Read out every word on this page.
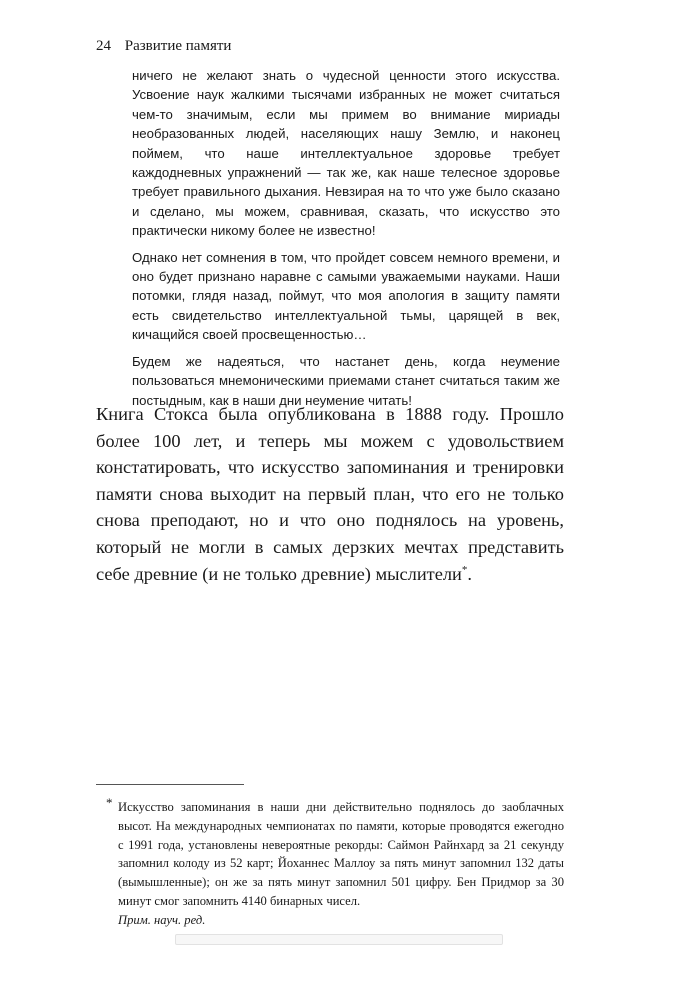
24 Развитие памяти

ничего не желают знать о чудесной ценности этого искусства. Усвоение наук жалкими тысячами избранных не может считаться чем-то значимым, если мы примем во внимание мириады необразованных людей, населяющих нашу Землю, и наконец поймем, что наше интеллектуальное здоровье требует каждодневных упражнений — так же, как наше телесное здоровье требует правильного дыхания. Невзирая на то что уже было сказано и сделано, мы можем, сравнивая, сказать, что искусство это практически никому более не известно!

Однако нет сомнения в том, что пройдет совсем немного времени, и оно будет признано наравне с самыми уважаемыми науками. Наши потомки, глядя назад, поймут, что моя апология в защиту памяти есть свидетельство интеллектуальной тьмы, царящей в век, кичащийся своей просвещенностью…

Будем же надеяться, что настанет день, когда неумение пользоваться мнемоническими приемами станет считаться таким же постыдным, как в наши дни неумение читать!

Книга Стокса была опубликована в 1888 году. Прошло более 100 лет, и теперь мы можем с удовольствием констатировать, что искусство запоминания и тренировки памяти снова выходит на первый план, что его не только снова преподают, но и что оно поднялось на уровень, который не могли в самых дерзких мечтах представить себе древние (и не только древние) мыслители*.

* Искусство запоминания в наши дни действительно поднялось до заоблачных высот. На международных чемпионатах по памяти, которые проводятся ежегодно с 1991 года, установлены невероятные рекорды: Саймон Райнхард за 21 секунду запомнил колоду из 52 карт; Йоханнес Маллоу за пять минут запомнил 132 даты (вымышленные); он же за пять минут запомнил 501 цифру. Бен Придмор за 30 минут смог запомнить 4140 бинарных чисел.
Прим. науч. ред.
